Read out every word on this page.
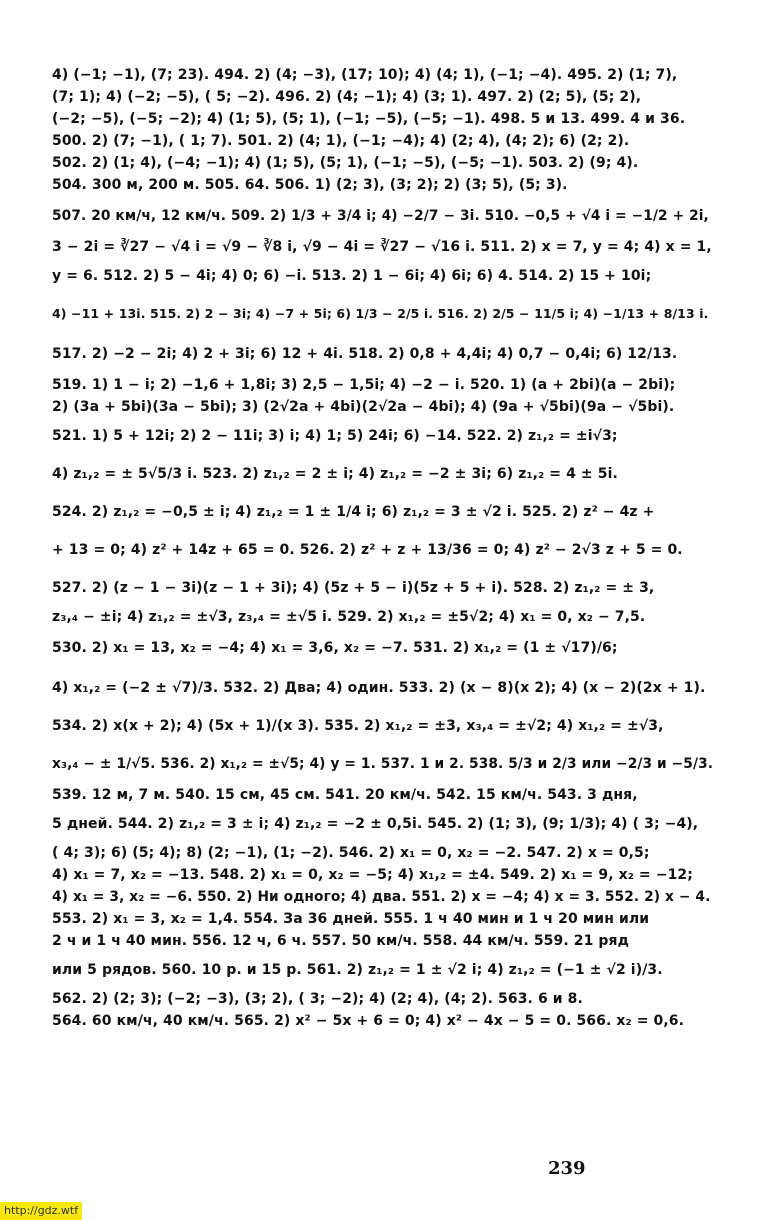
4) (−1; −1), (7; 23). 494. 2) (4; −3), (17; 10); 4) (4; 1), (−1; −4). 495. 2) (1; 7),
(7; 1); 4) (−2; −5), ( 5; −2). 496. 2) (4; −1); 4) (3; 1). 497. 2) (2; 5), (5; 2),
(−2; −5), (−5; −2); 4) (1; 5), (5; 1), (−1; −5), (−5; −1). 498. 5 и 13. 499. 4 и 36.
500. 2) (7; −1), ( 1; 7). 501. 2) (4; 1), (−1; −4); 4) (2; 4), (4; 2); 6) (2; 2).
502. 2) (1; 4), (−4; −1); 4) (1; 5), (5; 1), (−1; −5), (−5; −1). 503. 2) (9; 4).
504. 300 м, 200 м. 505. 64. 506. 1) (2; 3), (3; 2); 2) (3; 5), (5; 3).
507. 20 км/ч, 12 км/ч. 509. 2) 1/3 + 3/4 i; 4) −2/7 − 3i. 510. −0,5 + √4 i = −1/2 + 2i,
3 − 2i = ∛27 − √4 i = √9 − ∛8 i, √9 − 4i = ∛27 − √16 i. 511. 2) x = 7, y = 4; 4) x = 1,
y = 6. 512. 2) 5 − 4i; 4) 0; 6) −i. 513. 2) 1 − 6i; 4) 6i; 6) 4. 514. 2) 15 + 10i;
4) −11 + 13i. 515. 2) 2 − 3i; 4) −7 + 5i; 6) 1/3 − 2/5 i. 516. 2) 2/5 − 11/5 i; 4) −1/13 + 8/13 i.
517. 2) −2 − 2i; 4) 2 + 3i; 6) 12 + 4i. 518. 2) 0,8 + 4,4i; 4) 0,7 − 0,4i; 6) 12/13.
519. 1) 1 − i; 2) −1,6 + 1,8i; 3) 2,5 − 1,5i; 4) −2 − i. 520. 1) (a + 2bi)(a − 2bi);
2) (3a + 5bi)(3a − 5bi); 3) (2√2a + 4bi)(2√2a − 4bi); 4) (9a + √5bi)(9a − √5bi).
521. 1) 5 + 12i; 2) 2 − 11i; 3) i; 4) 1; 5) 24i; 6) −14. 522. 2) z₁,₂ = ±i√3;
4) z₁,₂ = ± 5√5/3 i. 523. 2) z₁,₂ = 2 ± i; 4) z₁,₂ = −2 ± 3i; 6) z₁,₂ = 4 ± 5i.
524. 2) z₁,₂ = −0,5 ± i; 4) z₁,₂ = 1 ± 1/4 i; 6) z₁,₂ = 3 ± √2 i. 525. 2) z² − 4z +
+ 13 = 0; 4) z² + 14z + 65 = 0. 526. 2) z² + z + 13/36 = 0; 4) z² − 2√3 z + 5 = 0.
527. 2) (z − 1 − 3i)(z − 1 + 3i); 4) (5z + 5 − i)(5z + 5 + i). 528. 2) z₁,₂ = ± 3,
z₃,₄ − ±i; 4) z₁,₂ = ±√3, z₃,₄ = ±√5 i. 529. 2) x₁,₂ = ±5√2; 4) x₁ = 0, x₂ − 7,5.
530. 2) x₁ = 13, x₂ = −4; 4) x₁ = 3,6, x₂ = −7. 531. 2) x₁,₂ = (1 ± √17)/6;
4) x₁,₂ = (−2 ± √7)/3. 532. 2) Два; 4) один. 533. 2) (x − 8)(x 2); 4) (x − 2)(2x + 1).
534. 2) x(x + 2); 4) (5x + 1)/(x 3). 535. 2) x₁,₂ = ±3, x₃,₄ = ±√2; 4) x₁,₂ = ±√3,
x₃,₄ − ± 1/√5. 536. 2) x₁,₂ = ±√5; 4) y = 1. 537. 1 и 2. 538. 5/3 и 2/3 или −2/3 и −5/3.
539. 12 м, 7 м. 540. 15 см, 45 см. 541. 20 км/ч. 542. 15 км/ч. 543. 3 дня,
5 дней. 544. 2) z₁,₂ = 3 ± i; 4) z₁,₂ = −2 ± 0,5i. 545. 2) (1; 3), (9; 1/3); 4) ( 3; −4),
( 4; 3); 6) (5; 4); 8) (2; −1), (1; −2). 546. 2) x₁ = 0, x₂ = −2. 547. 2) x = 0,5;
4) x₁ = 7, x₂ = −13. 548. 2) x₁ = 0, x₂ = −5; 4) x₁,₂ = ±4. 549. 2) x₁ = 9, x₂ = −12;
4) x₁ = 3, x₂ = −6. 550. 2) Ни одного; 4) два. 551. 2) x = −4; 4) x = 3. 552. 2) x − 4.
553. 2) x₁ = 3, x₂ = 1,4. 554. За 36 дней. 555. 1 ч 40 мин и 1 ч 20 мин или
2 ч и 1 ч 40 мин. 556. 12 ч, 6 ч. 557. 50 км/ч. 558. 44 км/ч. 559. 21 ряд
или 5 рядов. 560. 10 р. и 15 р. 561. 2) z₁,₂ = 1 ± √2 i; 4) z₁,₂ = (−1 ± √2 i)/3.
562. 2) (2; 3); (−2; −3), (3; 2), ( 3; −2); 4) (2; 4), (4; 2). 563. 6 и 8.
564. 60 км/ч, 40 км/ч. 565. 2) x² − 5x + 6 = 0; 4) x² − 4x − 5 = 0. 566. x₂ = 0,6.
239
http://gdz.wtf
